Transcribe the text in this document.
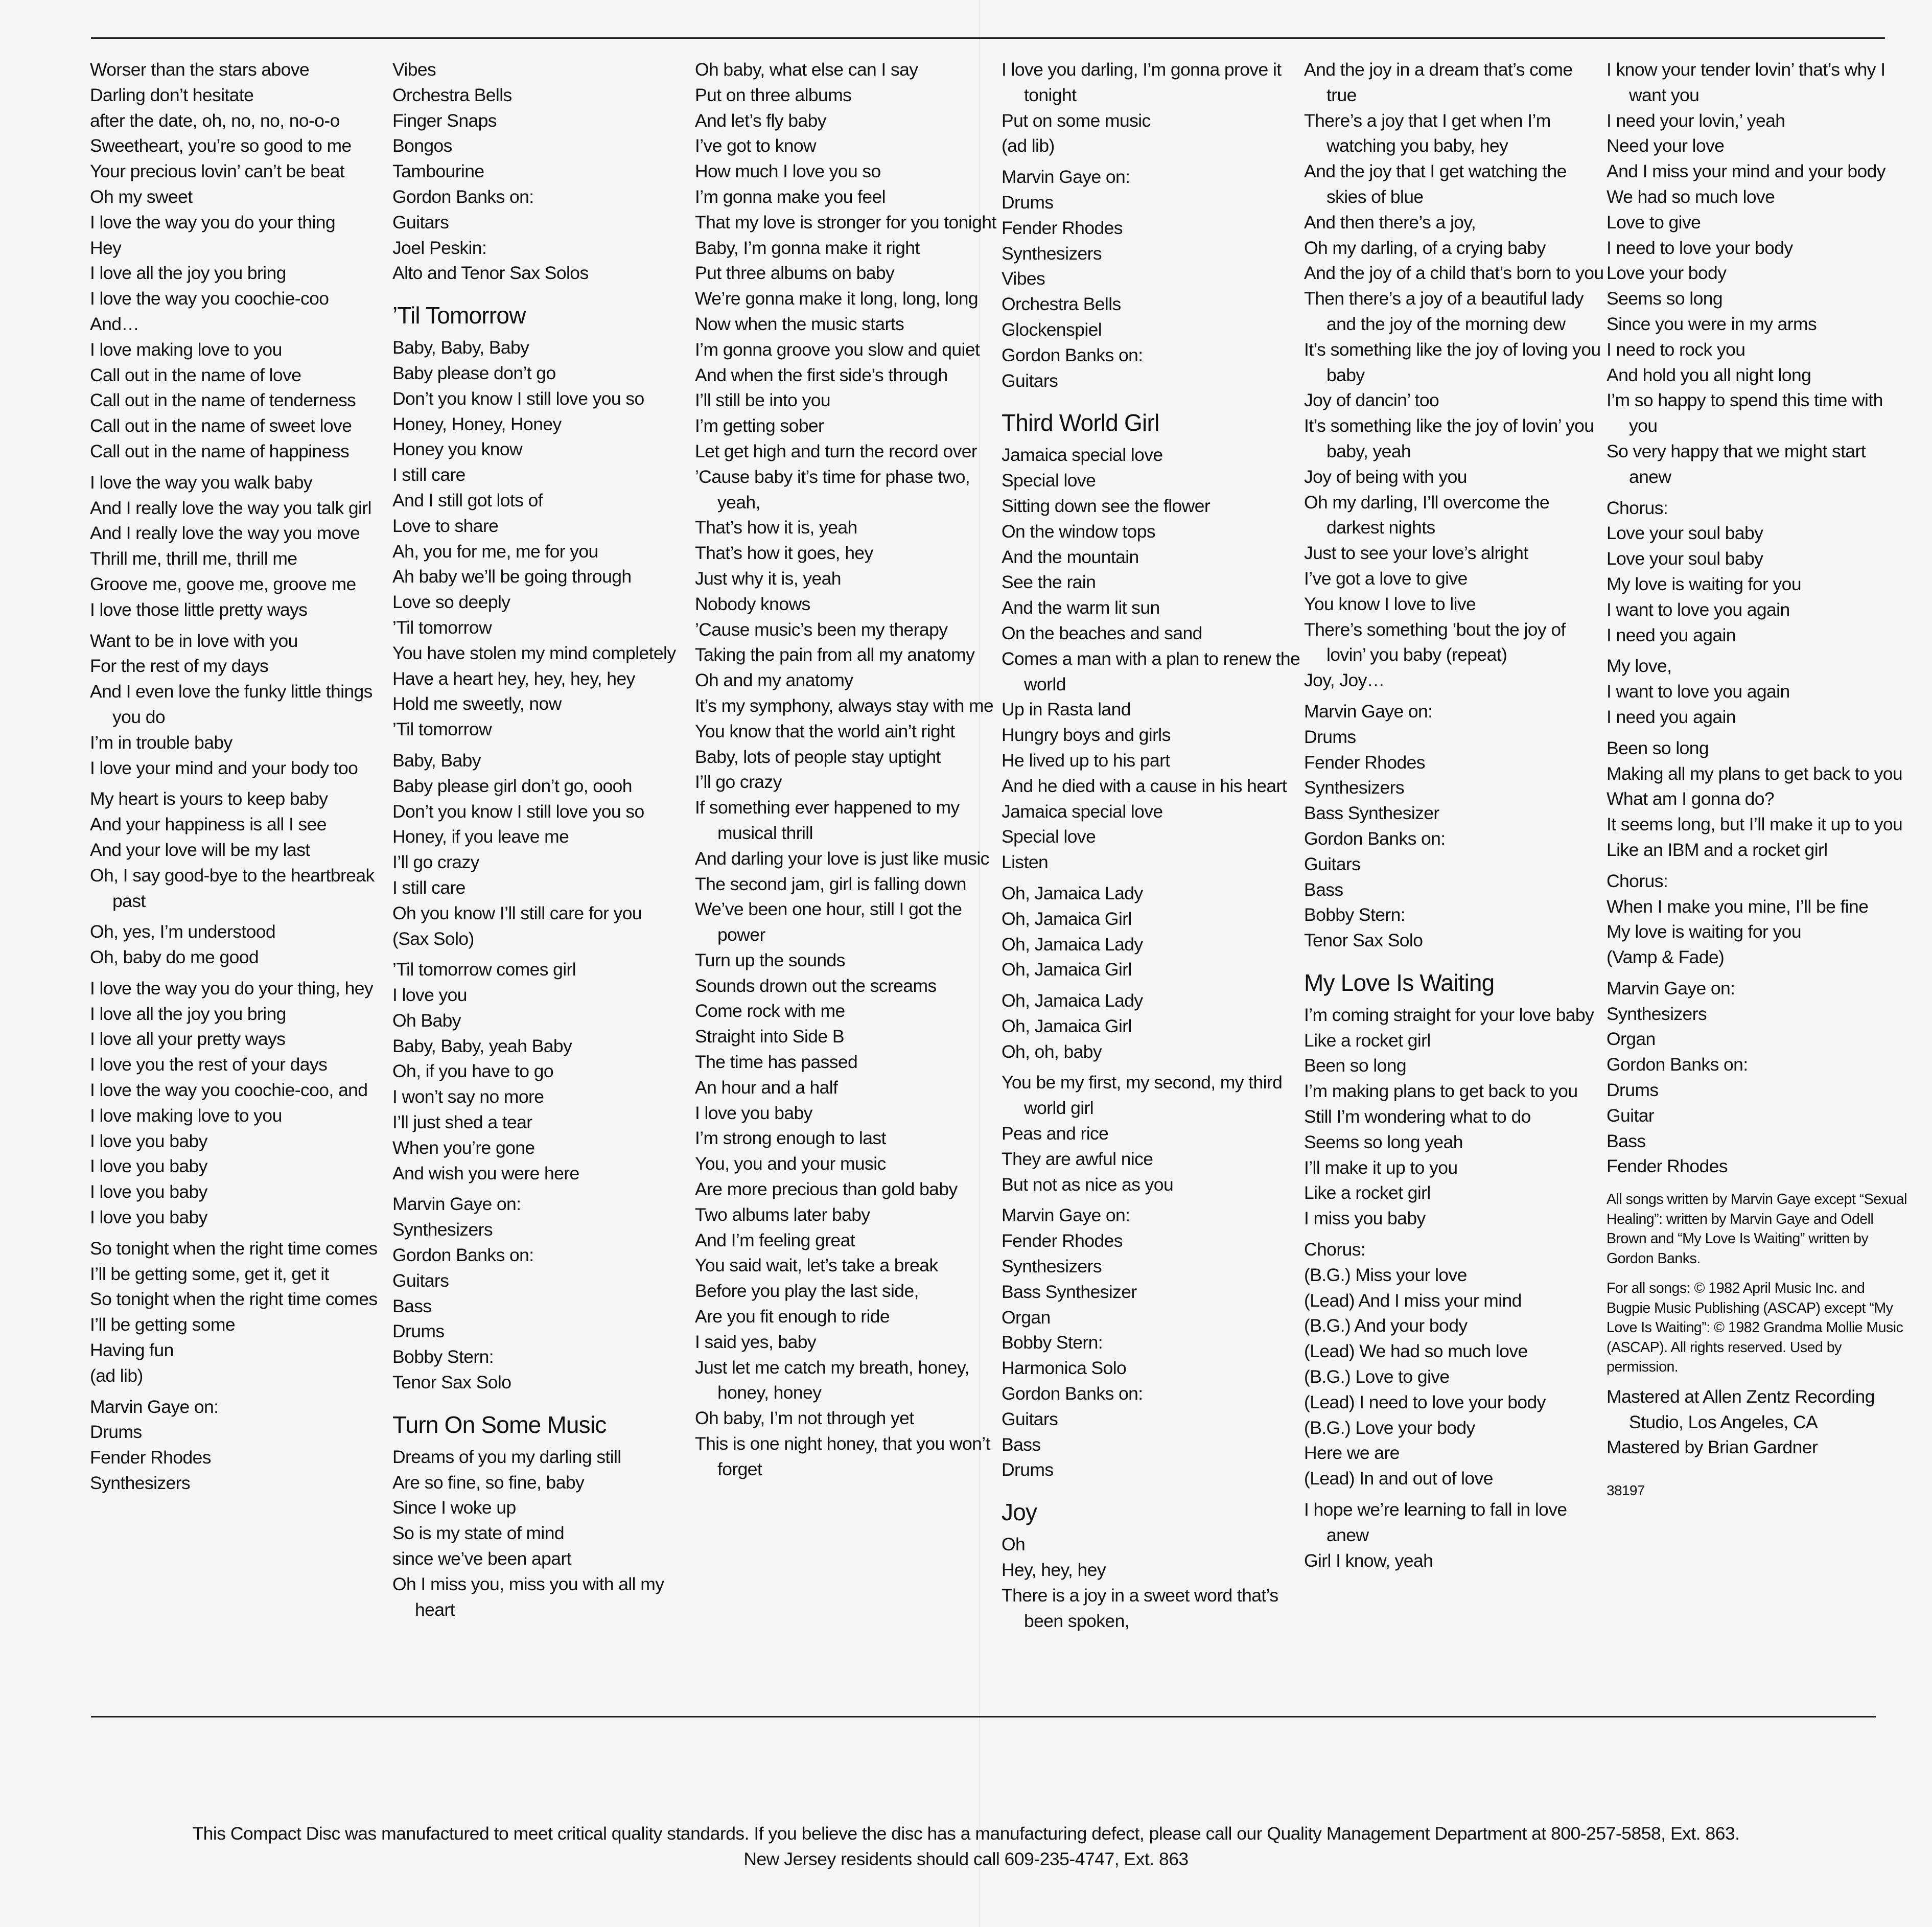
Worser than the stars above
Darling don’t hesitate
after the date, oh, no, no, no-o-o
Sweetheart, you’re so good to me
Your precious lovin’ can’t be beat
Oh my sweet
I love the way you do your thing
Hey
I love all the joy you bring
I love the way you coochie-coo
And…
I love making love to you
Call out in the name of love
Call out in the name of tenderness
Call out in the name of sweet love
Call out in the name of happiness
I love the way you walk baby
And I really love the way you talk girl
And I really love the way you move
Thrill me, thrill me, thrill me
Groove me, goove me, groove me
I love those little pretty ways
Want to be in love with you
For the rest of my days
And I even love the funky little things you do
I’m in trouble baby
I love your mind and your body too
My heart is yours to keep baby
And your happiness is all I see
And your love will be my last
Oh, I say good-bye to the heartbreak past
Oh, yes, I’m understood
Oh, baby do me good
I love the way you do your thing, hey
I love all the joy you bring
I love all your pretty ways
I love you the rest of your days
I love the way you coochie-coo, and
I love making love to you
I love you baby
I love you baby
I love you baby
I love you baby
So tonight when the right time comes
I’ll be getting some, get it, get it
So tonight when the right time comes
I’ll be getting some
Having fun
(ad lib)
Marvin Gaye on:
Drums
Fender Rhodes
Synthesizers
Vibes
Orchestra Bells
Finger Snaps
Bongos
Tambourine
Gordon Banks on:
Guitars
Joel Peskin:
Alto and Tenor Sax Solos
’Til Tomorrow
Baby, Baby, Baby
Baby please don’t go
Don’t you know I still love you so
Honey, Honey, Honey
Honey you know
I still care
And I still got lots of
Love to share
Ah, you for me, me for you
Ah baby we’ll be going through
Love so deeply
’Til tomorrow
You have stolen my mind completely
Have a heart hey, hey, hey, hey
Hold me sweetly, now
’Til tomorrow
Baby, Baby
Baby please girl don’t go, oooh
Don’t you know I still love you so
Honey, if you leave me
I’ll go crazy
I still care
Oh you know I’ll still care for you
(Sax Solo)
’Til tomorrow comes girl
I love you
Oh Baby
Baby, Baby, yeah Baby
Oh, if you have to go
I won’t say no more
I’ll just shed a tear
When you’re gone
And wish you were here
Marvin Gaye on:
Synthesizers
Gordon Banks on:
Guitars
Bass
Drums
Bobby Stern:
Tenor Sax Solo
Turn On Some Music
Dreams of you my darling still
Are so fine, so fine, baby
Since I woke up
So is my state of mind
since we’ve been apart
Oh I miss you, miss you with all my heart
Oh baby, what else can I say
Put on three albums
And let’s fly baby
I’ve got to know
How much I love you so
I’m gonna make you feel
That my love is stronger for you tonight
Baby, I’m gonna make it right
Put three albums on baby
We’re gonna make it long, long, long
Now when the music starts
I’m gonna groove you slow and quiet
And when the first side’s through
I’ll still be into you
I’m getting sober
Let get high and turn the record over
’Cause baby it’s time for phase two, yeah,
That’s how it is, yeah
That’s how it goes, hey
Just why it is, yeah
Nobody knows
’Cause music’s been my therapy
Taking the pain from all my anatomy
Oh and my anatomy
It’s my symphony, always stay with me
You know that the world ain’t right
Baby, lots of people stay uptight
I’ll go crazy
If something ever happened to my musical thrill
And darling your love is just like music
The second jam, girl is falling down
We’ve been one hour, still I got the power
Turn up the sounds
Sounds drown out the screams
Come rock with me
Straight into Side B
The time has passed
An hour and a half
I love you baby
I’m strong enough to last
You, you and your music
Are more precious than gold baby
Two albums later baby
And I’m feeling great
You said wait, let’s take a break
Before you play the last side,
Are you fit enough to ride
I said yes, baby
Just let me catch my breath, honey, honey, honey
Oh baby, I’m not through yet
This is one night honey, that you won’t forget
I love you darling, I’m gonna prove it tonight
Put on some music
(ad lib)
Marvin Gaye on:
Drums
Fender Rhodes
Synthesizers
Vibes
Orchestra Bells
Glockenspiel
Gordon Banks on:
Guitars
Third World Girl
Jamaica special love
Special love
Sitting down see the flower
On the window tops
And the mountain
See the rain
And the warm lit sun
On the beaches and sand
Comes a man with a plan to renew the world
Up in Rasta land
Hungry boys and girls
He lived up to his part
And he died with a cause in his heart
Jamaica special love
Special love
Listen
Oh, Jamaica Lady
Oh, Jamaica Girl
Oh, Jamaica Lady
Oh, Jamaica Girl
Oh, Jamaica Lady
Oh, Jamaica Girl
Oh, oh, baby
You be my first, my second, my third world girl
Peas and rice
They are awful nice
But not as nice as you
Marvin Gaye on:
Fender Rhodes
Synthesizers
Bass Synthesizer
Organ
Bobby Stern:
Harmonica Solo
Gordon Banks on:
Guitars
Bass
Drums
Joy
Oh
Hey, hey, hey
There is a joy in a sweet word that’s been spoken,
And the joy in a dream that’s come true
There’s a joy that I get when I’m watching you baby, hey
And the joy that I get watching the skies of blue
And then there’s a joy,
Oh my darling, of a crying baby
And the joy of a child that’s born to you
Then there’s a joy of a beautiful lady and the joy of the morning dew
It’s something like the joy of loving you baby
Joy of dancin’ too
It’s something like the joy of lovin’ you baby, yeah
Joy of being with you
Oh my darling, I’ll overcome the darkest nights
Just to see your love’s alright
I’ve got a love to give
You know I love to live
There’s something ’bout the joy of lovin’ you baby (repeat)
Joy, Joy…
Marvin Gaye on:
Drums
Fender Rhodes
Synthesizers
Bass Synthesizer
Gordon Banks on:
Guitars
Bass
Bobby Stern:
Tenor Sax Solo
My Love Is Waiting
I’m coming straight for your love baby
Like a rocket girl
Been so long
I’m making plans to get back to you
Still I’m wondering what to do
Seems so long yeah
I’ll make it up to you
Like a rocket girl
I miss you baby
Chorus:
(B.G.) Miss your love
(Lead) And I miss your mind
(B.G.) And your body
(Lead) We had so much love
(B.G.) Love to give
(Lead) I need to love your body
(B.G.) Love your body
Here we are
(Lead) In and out of love
I hope we’re learning to fall in love anew
Girl I know, yeah
I know your tender lovin’ that’s why I want you
I need your lovin,’ yeah
Need your love
And I miss your mind and your body
We had so much love
Love to give
I need to love your body
Love your body
Seems so long
Since you were in my arms
I need to rock you
And hold you all night long
I’m so happy to spend this time with you
So very happy that we might start anew
Chorus:
Love your soul baby
Love your soul baby
My love is waiting for you
I want to love you again
I need you again
My love,
I want to love you again
I need you again
Been so long
Making all my plans to get back to you
What am I gonna do?
It seems long, but I’ll make it up to you
Like an IBM and a rocket girl
Chorus:
When I make you mine, I’ll be fine
My love is waiting for you
(Vamp & Fade)
Marvin Gaye on:
Synthesizers
Organ
Gordon Banks on:
Drums
Guitar
Bass
Fender Rhodes
All songs written by Marvin Gaye except “Sexual Healing”: written by Marvin Gaye and Odell Brown and “My Love Is Waiting” written by Gordon Banks.
For all songs: © 1982 April Music Inc. and Bugpie Music Publishing (ASCAP) except “My Love Is Waiting”: © 1982 Grandma Mollie Music (ASCAP). All rights reserved. Used by permission.
Mastered at Allen Zentz Recording Studio, Los Angeles, CA
Mastered by Brian Gardner
38197
This Compact Disc was manufactured to meet critical quality standards. If you believe the disc has a manufacturing defect, please call our Quality Management Department at 800-257-5858, Ext. 863.
New Jersey residents should call 609-235-4747, Ext. 863
